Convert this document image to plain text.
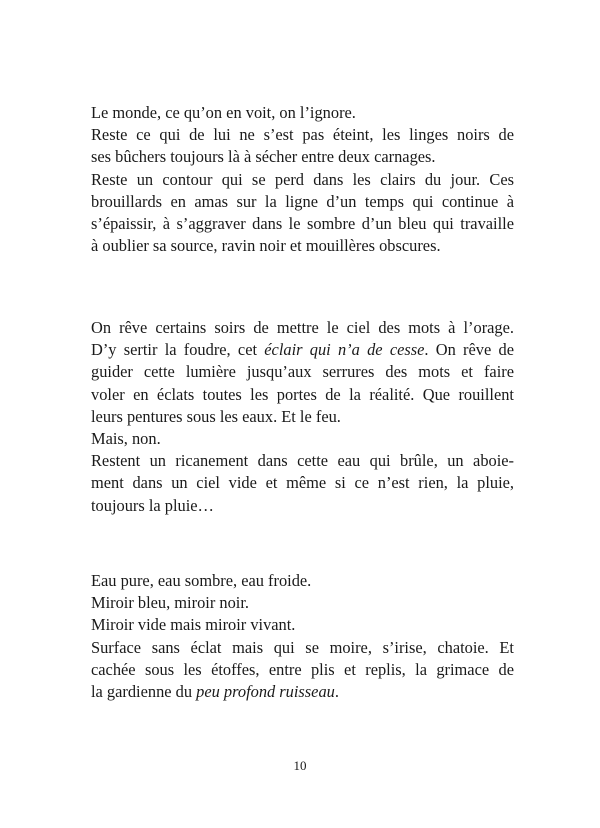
Le monde, ce qu’on en voit, on l’ignore.
Reste ce qui de lui ne s’est pas éteint, les linges noirs de
ses bûchers toujours là à sécher entre deux carnages.
Reste un contour qui se perd dans les clairs du jour. Ces
brouillards en amas sur la ligne d’un temps qui continue à
s’épaissir, à s’aggraver dans le sombre d’un bleu qui travaille
à oublier sa source, ravin noir et mouillères obscures.
On rêve certains soirs de mettre le ciel des mots à l’orage.
D’y sertir la foudre, cet éclair qui n’a de cesse. On rêve de
guider cette lumière jusqu’aux serrures des mots et faire
voler en éclats toutes les portes de la réalité. Que rouillent
leurs pentures sous les eaux. Et le feu.
Mais, non.
Restent un ricanement dans cette eau qui brûle, un aboie-
ment dans un ciel vide et même si ce n’est rien, la pluie,
toujours la pluie…
Eau pure, eau sombre, eau froide.
Miroir bleu, miroir noir.
Miroir vide mais miroir vivant.
Surface sans éclat mais qui se moire, s’irise, chatoie. Et
cachée sous les étoffes, entre plis et replis, la grimace de
la gardienne du peu profond ruisseau.
10
